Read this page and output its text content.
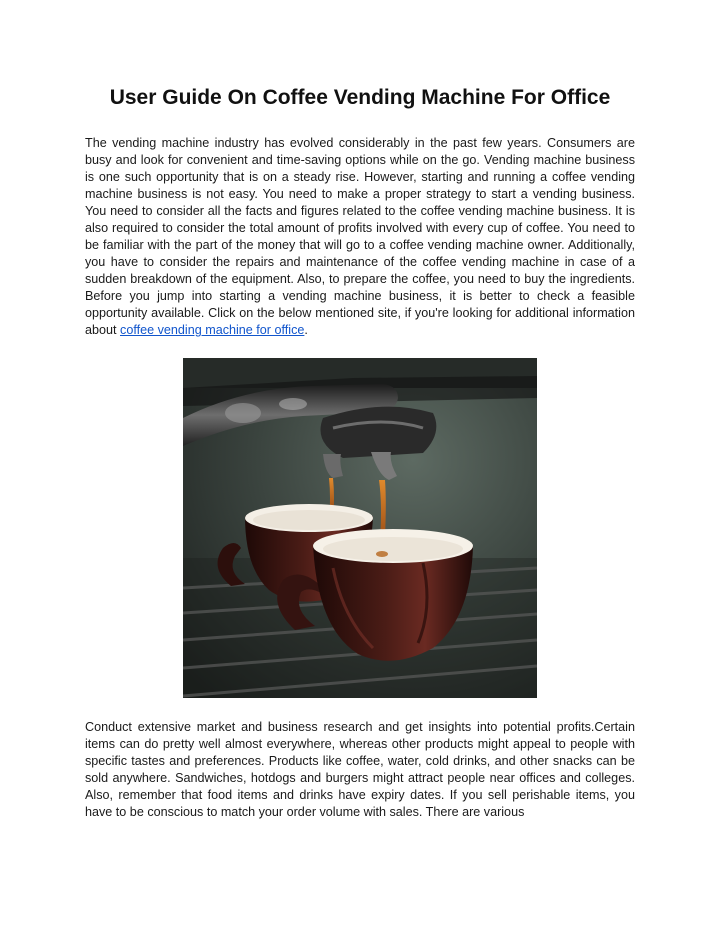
User Guide On Coffee Vending Machine For Office

The vending machine industry has evolved considerably in the past few years. Consumers are busy and look for convenient and time-saving options while on the go. Vending machine business is one such opportunity that is on a steady rise. However, starting and running a coffee vending machine business is not easy. You need to make a proper strategy to start a vending business. You need to consider all the facts and figures related to the coffee vending machine business. It is also required to consider the total amount of profits involved with every cup of coffee. You need to be familiar with the part of the money that will go to a coffee vending machine owner. Additionally, you have to consider the repairs and maintenance of the coffee vending machine in case of a sudden breakdown of the equipment. Also, to prepare the coffee, you need to buy the ingredients. Before you jump into starting a vending machine business, it is better to check a feasible opportunity available. Click on the below mentioned site, if you're looking for additional information about coffee vending machine for office.

Conduct extensive market and business research and get insights into potential profits.Certain items can do pretty well almost everywhere, whereas other products might appeal to people with specific tastes and preferences. Products like coffee, water, cold drinks, and other snacks can be sold anywhere. Sandwiches, hotdogs and burgers might attract people near offices and colleges. Also, remember that food items and drinks have expiry dates. If you sell perishable items, you have to be conscious to match your order volume with sales. There are various
